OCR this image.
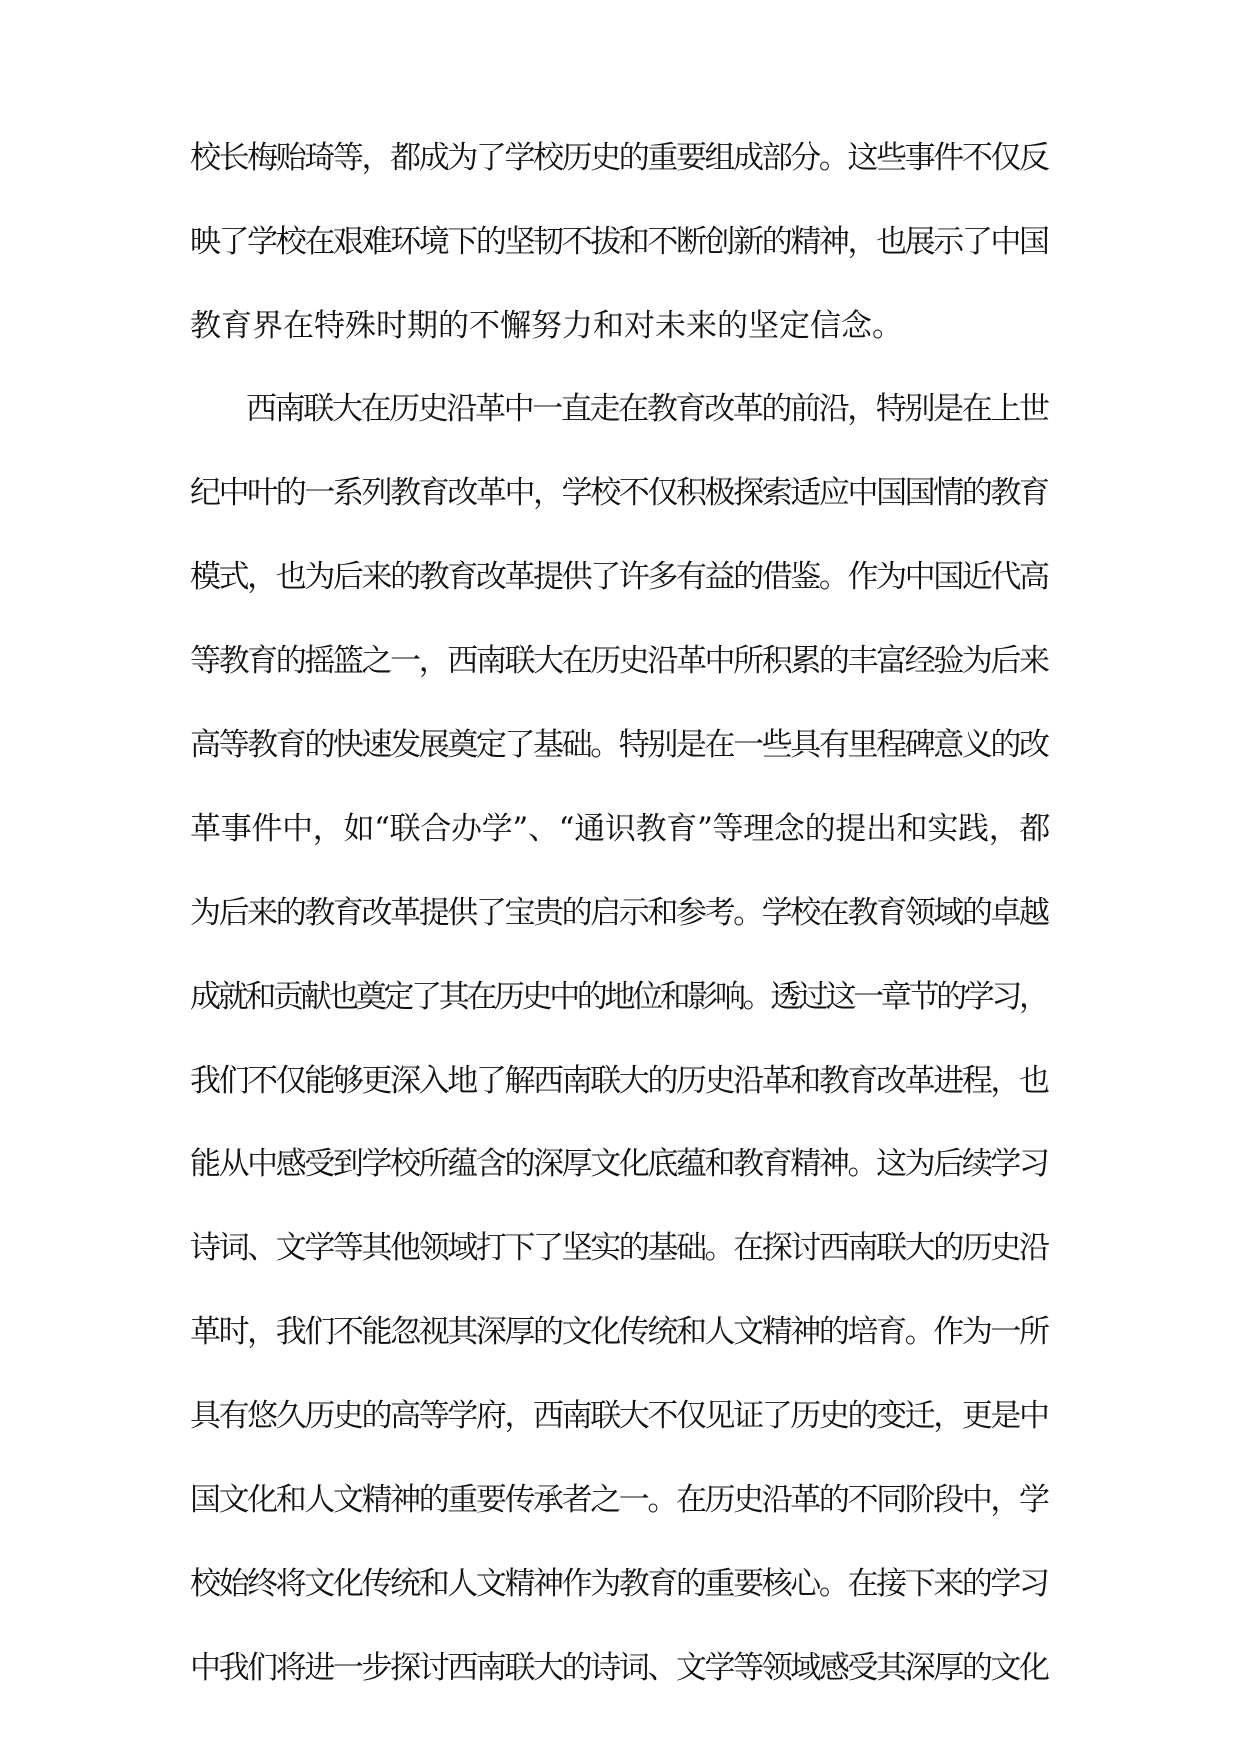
校长梅贻琦等，都成为了学校历史的重要组成部分。这些事件不仅反
映了学校在艰难环境下的坚韧不拔和不断创新的精神，也展示了中国
教育界在特殊时期的不懈努力和对未来的坚定信念。
西南联大在历史沿革中一直走在教育改革的前沿，特别是在上世
纪中叶的一系列教育改革中，学校不仅积极探索适应中国国情的教育
模式，也为后来的教育改革提供了许多有益的借鉴。作为中国近代高
等教育的摇篮之一，西南联大在历史沿革中所积累的丰富经验为后来
高等教育的快速发展奠定了基础。特别是在一些具有里程碑意义的改
革事件中，如“联合办学”、“通识教育”等理念的提出和实践，都
为后来的教育改革提供了宝贵的启示和参考。学校在教育领域的卓越
成就和贡献也奠定了其在历史中的地位和影响。透过这一章节的学习，
我们不仅能够更深入地了解西南联大的历史沿革和教育改革进程，也
能从中感受到学校所蕴含的深厚文化底蕴和教育精神。这为后续学习
诗词、文学等其他领域打下了坚实的基础。在探讨西南联大的历史沿
革时，我们不能忽视其深厚的文化传统和人文精神的培育。作为一所
具有悠久历史的高等学府，西南联大不仅见证了历史的变迁，更是中
国文化和人文精神的重要传承者之一。在历史沿革的不同阶段中，学
校始终将文化传统和人文精神作为教育的重要核心。在接下来的学习
中我们将进一步探讨西南联大的诗词、文学等领域感受其深厚的文化
